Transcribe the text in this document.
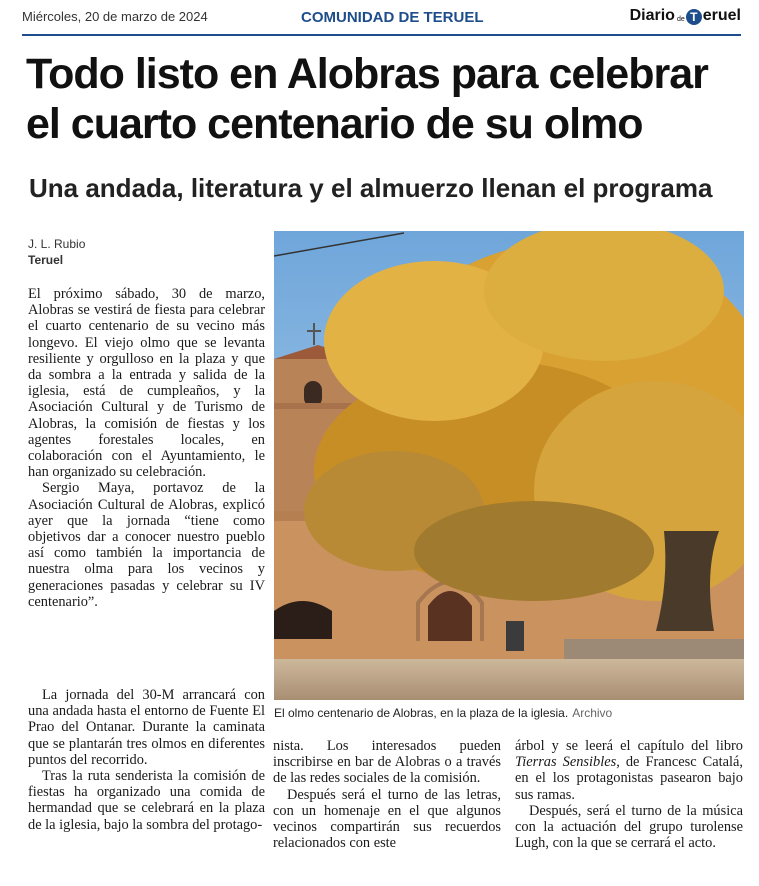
Miércoles, 20 de marzo de 2024	COMUNIDAD DE TERUEL	Diario de T eruel
Todo listo en Alobras para celebrar el cuarto centenario de su olmo
Una andada, literatura y el almuerzo llenan el programa
J. L. Rubio
Teruel

El próximo sábado, 30 de marzo, Alobras se vestirá de fiesta para celebrar el cuarto centenario de su vecino más longevo. El viejo olmo que se levanta resiliente y orgulloso en la plaza y que da sombra a la entrada y salida de la iglesia, está de cumpleaños, y la Asociación Cultural y de Turismo de Alobras, la comisión de fiestas y los agentes forestales locales, en colaboración con el Ayuntamiento, le han organizado su celebración.

Sergio Maya, portavoz de la Asociación Cultural de Alobras, explicó ayer que la jornada “tiene como objetivos dar a conocer nuestro pueblo así como también la importancia de nuestra olma para los vecinos y generaciones pasadas y celebrar su IV centenario”.

La jornada del 30-M arrancará con una andada hasta el entorno de Fuente El Prao del Ontanar. Durante la caminata que se plantarán tres olmos en diferentes puntos del recorrido.

Tras la ruta senderista la comisión de fiestas ha organizado una comida de hermandad que se celebrará en la plaza de la iglesia, bajo la sombra del protago-

nista. Los interesados pueden inscribirse en bar de Alobras o a través de las redes sociales de la comisión.

Después será el turno de las letras, con un homenaje en el que algunos vecinos compartirán sus recuerdos relacionados con este

árbol y se leerá el capítulo del libro Tierras Sensibles, de Francesc Catalá, en el los protagonistas pasearon bajo sus ramas.

Después, será el turno de la música con la actuación del grupo turolense Lugh, con la que se cerrará el acto.

El olmo centenario de Alobras, en la plaza de la iglesia. Archivo
